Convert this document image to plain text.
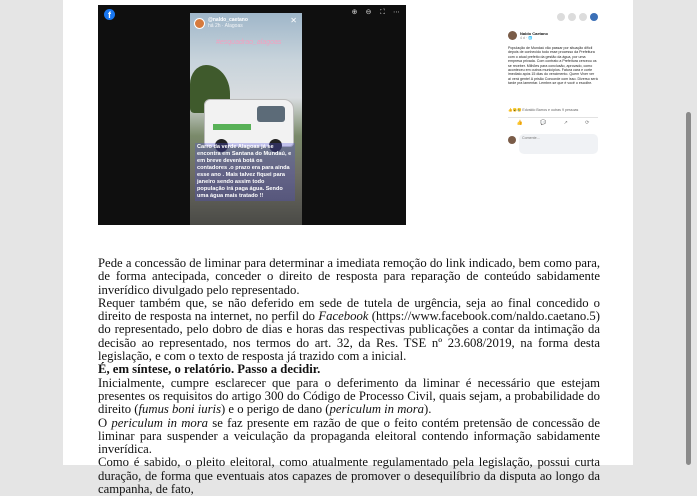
f	⊕ ⊖ ⛶ ⋯
@naldo_caetano
há 2h · Alagoas
✕
#esquadrao_alagoas
Carro da verde Alagoas já se encontra em Santana do Mundaú, e em breve deverá botá os contadores .o prazo era para ainda esse ano . Mais talvez fiquei para janeiro sendo assim todo população irá paga água. Sendo uma água mais tratado !!
Naldo Caetano
4 d · 🌐
População de Mundaú vão passar por situação difícil depois de conhecido todo esse processo da Prefeitura com o atual prefeito da gestão da água, por uma empresa privada. Com contrato a Prefeitura cerceou os se receber. Milhões para conclusão, aprovado, como aconteceu em outros municípios. Fatura cara e corte imediato após 15 dias do vencimento. Quem Viver ver aí verá gente! A prisão Concorde com isso. Diverso será tarde pra lamentar. Lembre-se que é você o escolhe.
👍😮😢 Edvaldo Barros e outras 9 pessoas
👍	💬	↗	⟳
Comente...

Pede a concessão de liminar para determinar a imediata remoção do link indicado, bem como para, de forma antecipada, conceder o direito de resposta para reparação de conteúdo sabidamente inverídico divulgado pelo representado.

Requer também que, se não deferido em sede de tutela de urgência, seja ao final concedido o direito de resposta na internet, no perfil do Facebook (https://www.facebook.com/naldo.caetano.5) do representado, pelo dobro de dias e horas das respectivas publicações a contar da intimação da decisão ao representado, nos termos do art. 32, da Res. TSE nº 23.608/2019, na forma desta legislação, e com o texto de resposta já trazido com a inicial.

É, em síntese, o relatório. Passo a decidir.

Inicialmente, cumpre esclarecer que para o deferimento da liminar é necessário que estejam presentes os requisitos do artigo 300 do Código de Processo Civil, quais sejam, a probabilidade do direito (fumus boni iuris) e o perigo de dano (periculum in mora).

O periculum in mora se faz presente em razão de que o feito contém pretensão de concessão de liminar para suspender a veiculação da propaganda eleitoral contendo informação sabidamente inverídica.

Como é sabido, o pleito eleitoral, como atualmente regulamentado pela legislação, possui curta duração, de forma que eventuais atos capazes de promover o desequilíbrio da disputa ao longo da campanha, de fato,
